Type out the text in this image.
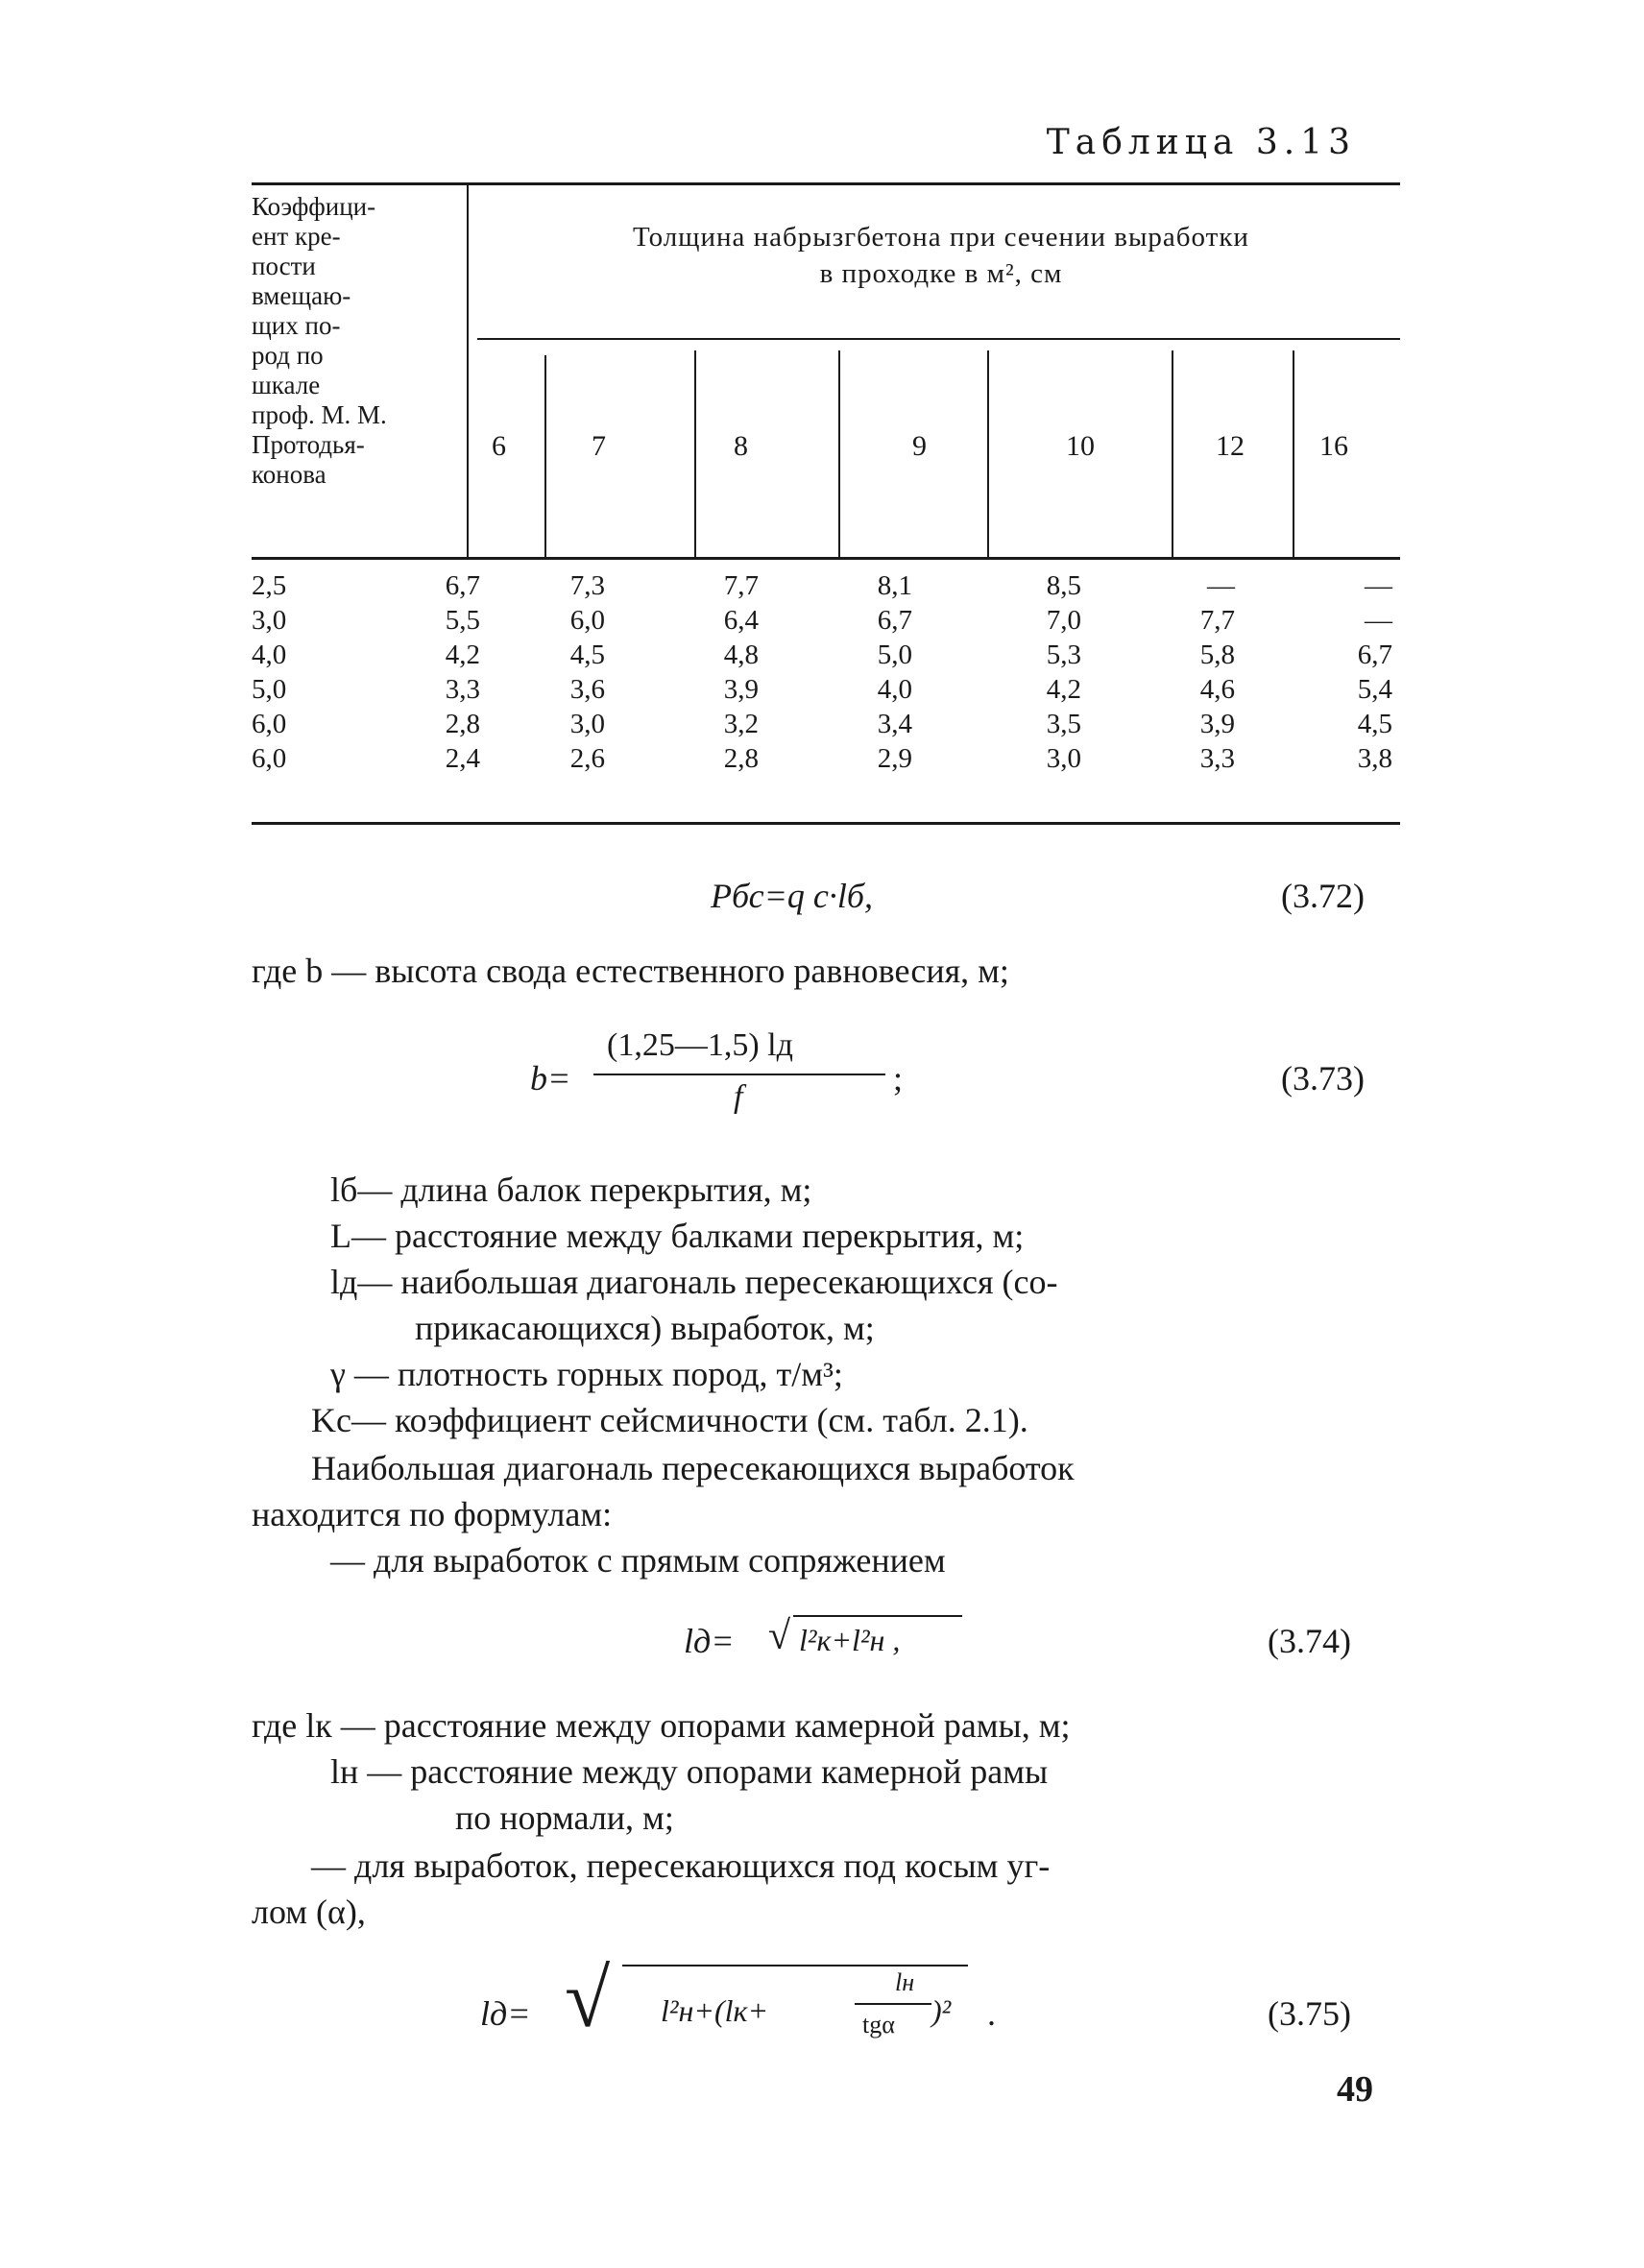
Таблица 3.13
Коэффици-
ент кре-
пости
вмещаю-
щих по-
род по
шкале
проф. М. М.
Протодья-
конова
Толщина набрызгбетона при сечении выработки
в проходке в м², см
6	7	8	9	10	12	16
2,5	6,7	7,3	7,7	8,1	8,5	—	—
3,0	5,5	6,0	6,4	6,7	7,0	7,7	—
4,0	4,2	4,5	4,8	5,0	5,3	5,8	6,7
5,0	3,3	3,6	3,9	4,0	4,2	4,6	5,4
6,0	2,8	3,0	3,2	3,4	3,5	3,9	4,5
6,0	2,4	2,6	2,8	2,9	3,0	3,3	3,8
Pбс=q с·lб,	(3.72)
где b — высота свода естественного равновесия, м;
b=
(1,25—1,5) lд
f	;	(3.73)
lб— длина балок перекрытия, м;
L— расстояние между балками перекрытия, м;
lд— наибольшая диагональ пересекающихся (со-
прикасающихся) выработок, м;
γ — плотность горных пород, т/м³;
Kс— коэффициент сейсмичности (см. табл. 2.1).
Наибольшая диагональ пересекающихся выработок
находится по формулам:
— для выработок с прямым сопряжением
lд= √ l²к+l²н ,	(3.74)
где lк — расстояние между опорами камерной рамы, м;
lн — расстояние между опорами камерной рамы
по нормали, м;
— для выработок, пересекающихся под косым уг-
лом (α),
lд= √ l²н+(lк+
lн
tgα )² .	(3.75)
49
